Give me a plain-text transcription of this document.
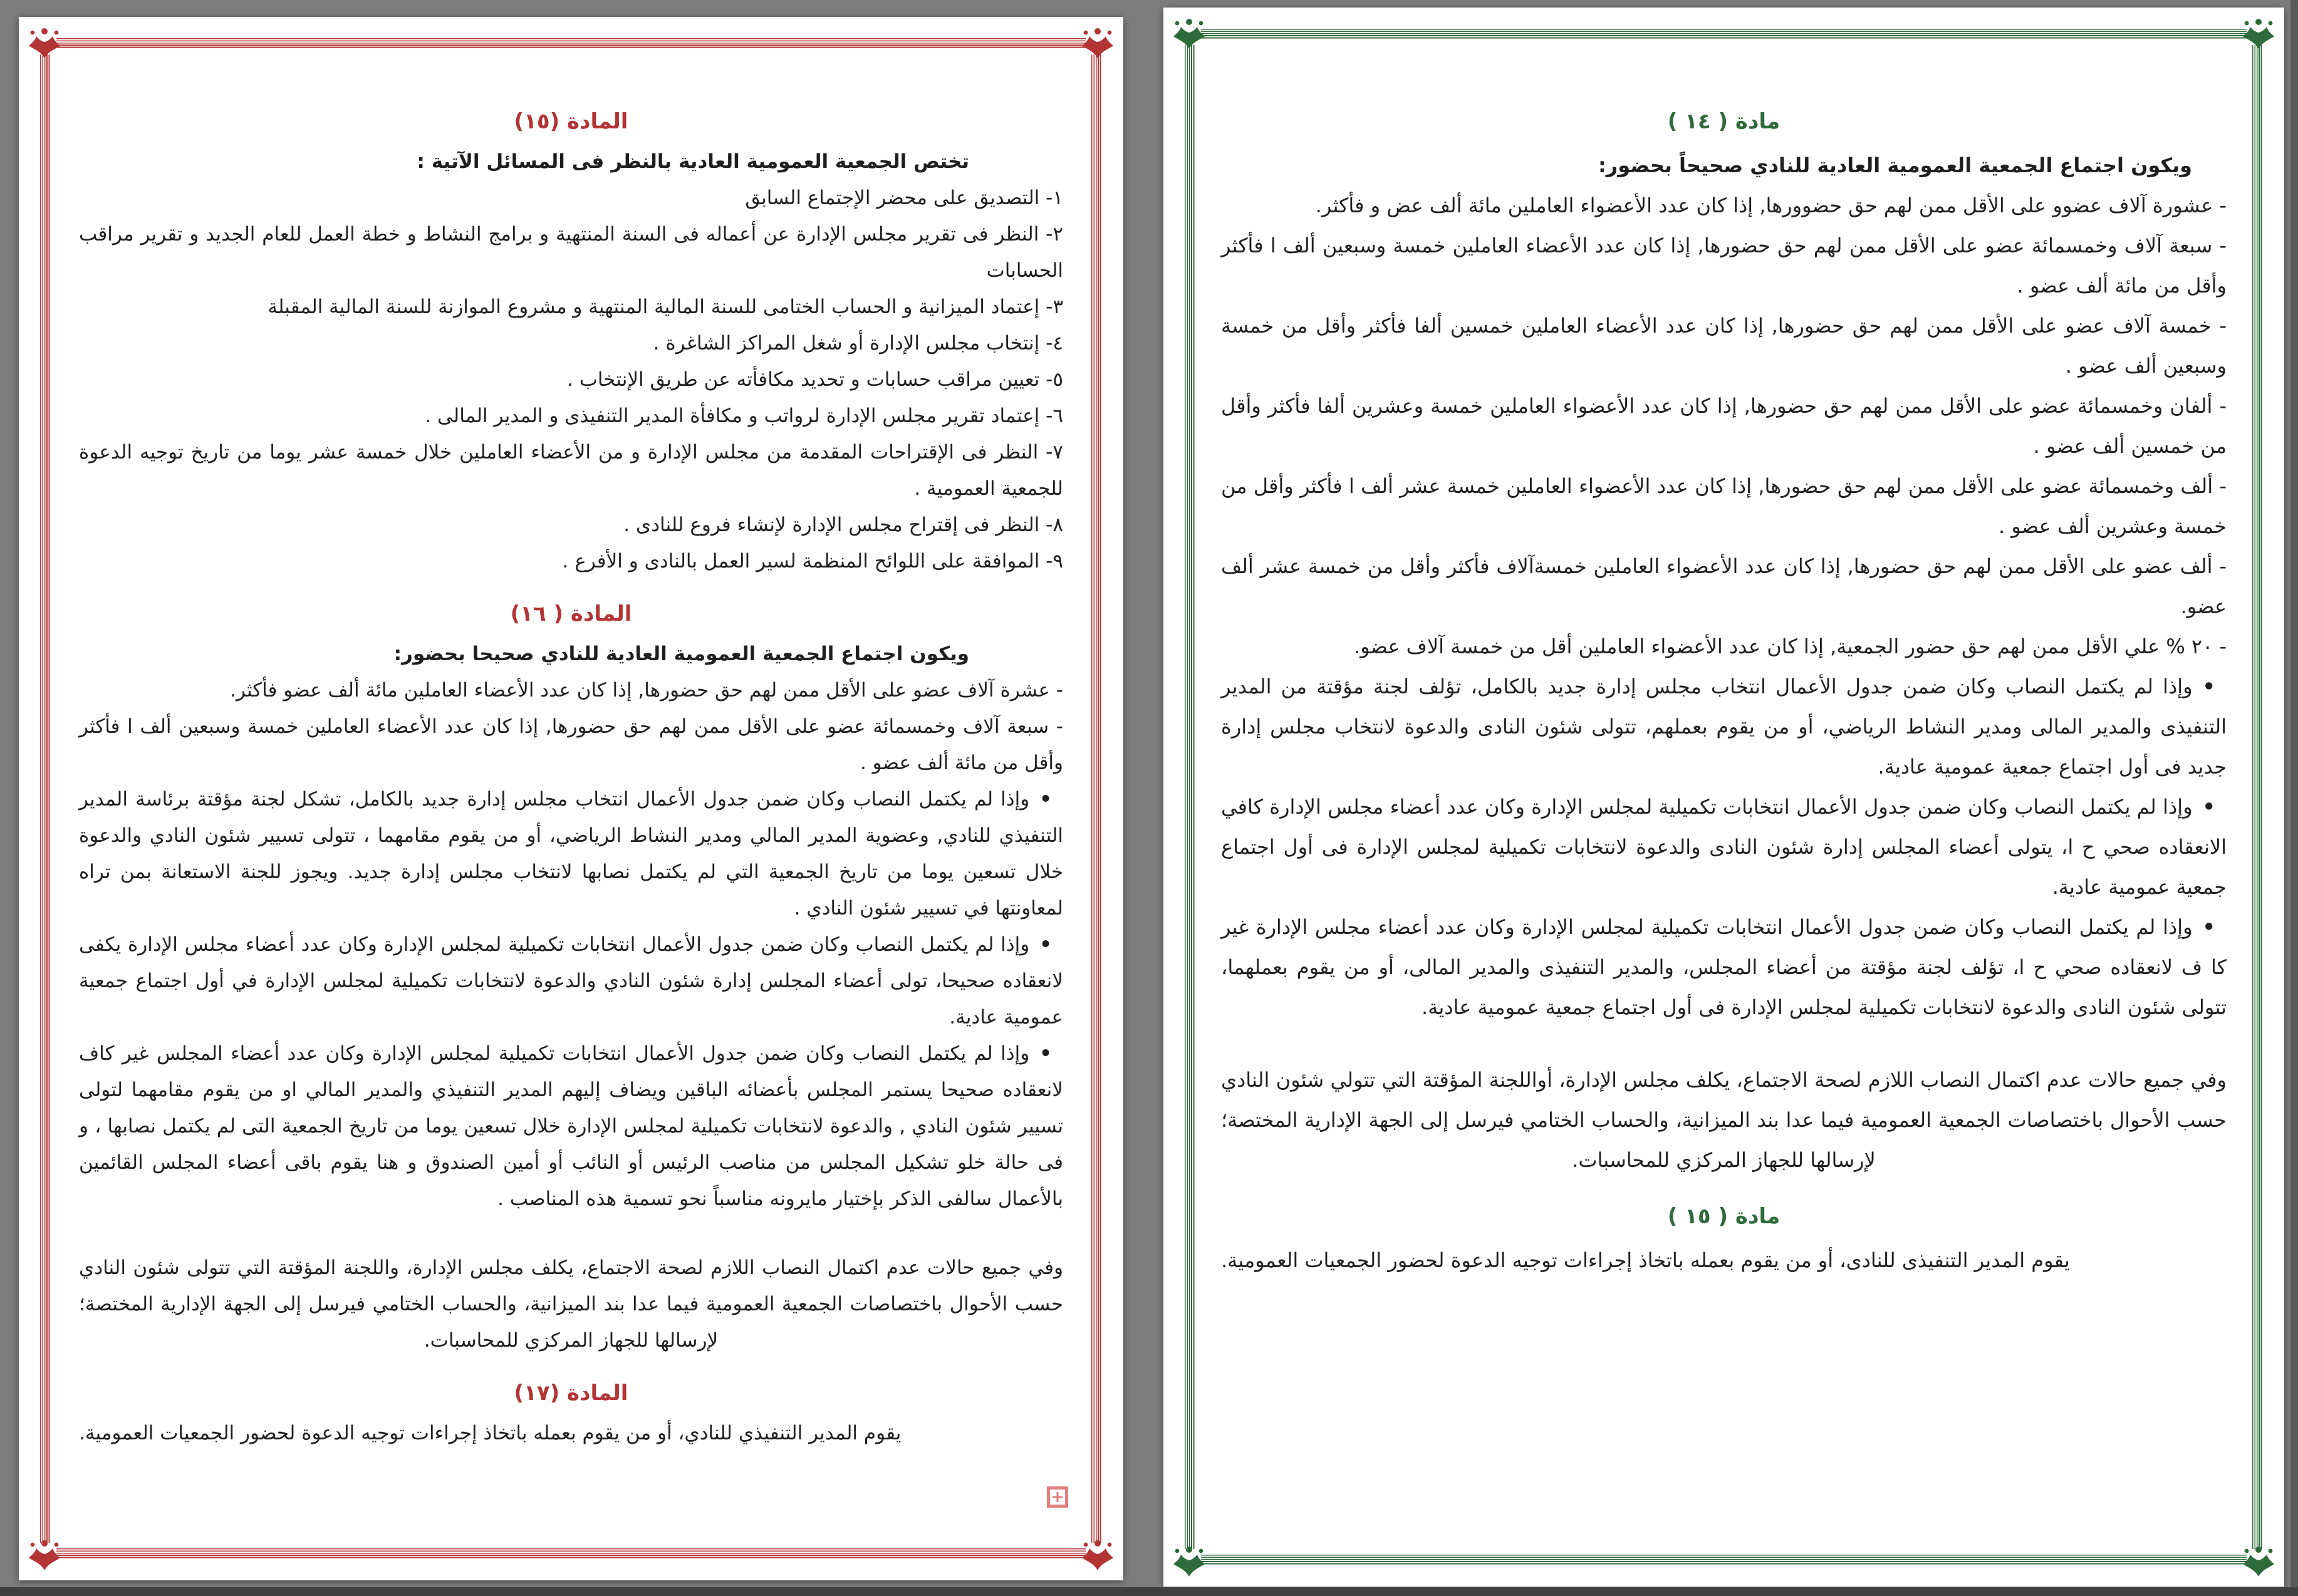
المادة (١٥)

تختص الجمعية العمومية العادية بالنظر فى المسائل الآتية :

١- التصديق على محضر الإجتماع السابق

٢- النظر فى تقرير مجلس الإدارة عن أعماله فى السنة المنتهية و برامج النشاط و خطة العمل للعام الجديد و تقرير مراقب الحسابات

٣- إعتماد الميزانية و الحساب الختامى للسنة المالية المنتهية و مشروع الموازنة للسنة المالية المقبلة

٤- إنتخاب مجلس الإدارة أو شغل المراكز الشاغرة .

٥- تعيين مراقب حسابات و تحديد مكافأته عن طريق الإنتخاب .

٦- إعتماد تقرير مجلس الإدارة لرواتب و مكافأة المدير التنفيذى و المدير المالى .

٧- النظر فى الإقتراحات المقدمة من مجلس الإدارة و من الأعضاء العاملين خلال خمسة عشر يوما من تاريخ توجيه الدعوة للجمعية العمومية .

٨- النظر فى إقتراح مجلس الإدارة لإنشاء فروع للنادى .

٩- الموافقة على اللوائح المنظمة لسير العمل بالنادى و الأفرع .

المادة ( ١٦)

ويكون اجتماع الجمعية العمومية العادية للنادي صحيحا بحضور:

- عشرة آلاف عضو على الأقل ممن لهم حق حضورها, إذا كان عدد الأعضاء العاملين مائة ألف عضو فأكثر.

- سبعة آلاف وخمسمائة عضو على الأقل ممن لهم حق حضورها, إذا كان عدد الأعضاء العاملين خمسة وسبعين ألف ا فأكثر وأقل من مائة ألف عضو .

•وإذا لم يكتمل النصاب وكان ضمن جدول الأعمال انتخاب مجلس إدارة جديد بالكامل، تشكل لجنة مؤقتة برئاسة المدير التنفيذي للنادي, وعضوية المدير المالي ومدير النشاط الرياضي، أو من يقوم مقامهما ، تتولى تسيير شئون النادي والدعوة خلال تسعين يوما من تاريخ الجمعية التي لم يكتمل نصابها لانتخاب مجلس إدارة جديد. ويجوز للجنة الاستعانة بمن تراه لمعاونتها في تسيير شئون النادي .

•وإذا لم يكتمل النصاب وكان ضمن جدول الأعمال انتخابات تكميلية لمجلس الإدارة وكان عدد أعضاء مجلس الإدارة يكفى لانعقاده صحيحا، تولى أعضاء المجلس إدارة شئون النادي والدعوة لانتخابات تكميلية لمجلس الإدارة في أول اجتماع جمعية عمومية عادية.

•وإذا لم يكتمل النصاب وكان ضمن جدول الأعمال انتخابات تكميلية لمجلس الإدارة وكان عدد أعضاء المجلس غير كاف لانعقاده صحيحا يستمر المجلس بأعضائه الباقين ويضاف إليهم المدير التنفيذي والمدير المالي او من يقوم مقامهما لتولى تسيير شئون النادي , والدعوة لانتخابات تكميلية لمجلس الإدارة خلال تسعين يوما من تاريخ الجمعية التى لم يكتمل نصابها ، و فى حالة خلو تشكيل المجلس من مناصب الرئيس أو النائب أو أمين الصندوق و هنا يقوم باقى أعضاء المجلس القائمين بالأعمال سالفى الذكر بإختيار مايرونه مناسباً نحو تسمية هذه المناصب .

وفي جميع حالات عدم اكتمال النصاب اللازم لصحة الاجتماع، يكلف مجلس الإدارة، واللجنة المؤقتة التي تتولى شئون النادي حسب الأحوال باختصاصات الجمعية العمومية فيما عدا بند الميزانية، والحساب الختامي فيرسل إلى الجهة الإدارية المختصة؛ لإرسالها للجهاز المركزي للمحاسبات.

المادة (١٧)

يقوم المدير التنفيذي للنادي، أو من يقوم بعمله باتخاذ إجراءات توجيه الدعوة لحضور الجمعيات العمومية.

+
مادة ( ١٤ )

ويكون اجتماع الجمعية العمومية العادية للنادي صحيحاً بحضور:

- عشورة آلاف عضوو على الأقل ممن لهم حق حضوورها, إذا كان عدد الأعضواء العاملين مائة ألف عض و فأكثر.

- سبعة آلاف وخمسمائة عضو على الأقل ممن لهم حق حضورها, إذا كان عدد الأعضاء العاملين خمسة وسبعين ألف ا فأكثر وأقل من مائة ألف عضو .

- خمسة آلاف عضو على الأقل ممن لهم حق حضورها, إذا كان عدد الأعضاء العاملين خمسين ألفا فأكثر وأقل من خمسة وسبعين ألف عضو .

- ألفان وخمسمائة عضو على الأقل ممن لهم حق حضورها, إذا كان عدد الأعضواء العاملين خمسة وعشرين ألفا فأكثر وأقل من خمسين ألف عضو .

- ألف وخمسمائة عضو على الأقل ممن لهم حق حضورها, إذا كان عدد الأعضواء العاملين خمسة عشر ألف ا فأكثر وأقل من خمسة وعشرين ألف عضو .

- ألف عضو على الأقل ممن لهم حق حضورها, إذا كان عدد الأعضواء العاملين خمسةآلاف فأكثر وأقل من خمسة عشر ألف عضو.

- ٢٠ % علي الأقل ممن لهم حق حضور الجمعية, إذا كان عدد الأعضواء العاملين أقل من خمسة آلاف عضو.

•وإذا لم يكتمل النصاب وكان ضمن جدول الأعمال انتخاب مجلس إدارة جديد بالكامل، تؤلف لجنة مؤقتة من المدير التنفيذى والمدير المالى ومدير النشاط الرياضي، أو من يقوم بعملهم، تتولى شئون النادى والدعوة لانتخاب مجلس إدارة جديد فى أول اجتماع جمعية عمومية عادية.

•وإذا لم يكتمل النصاب وكان ضمن جدول الأعمال انتخابات تكميلية لمجلس الإدارة وكان عدد أعضاء مجلس الإدارة كافي الانعقاده صحي ح ا، يتولى أعضاء المجلس إدارة شئون النادى والدعوة لانتخابات تكميلية لمجلس الإدارة فى أول اجتماع جمعية عمومية عادية.

•وإذا لم يكتمل النصاب وكان ضمن جدول الأعمال انتخابات تكميلية لمجلس الإدارة وكان عدد أعضاء مجلس الإدارة غير كا ف لانعقاده صحي ح ا، تؤلف لجنة مؤقتة من أعضاء المجلس، والمدير التنفيذى والمدير المالى، أو من يقوم بعملهما، تتولى شئون النادى والدعوة لانتخابات تكميلية لمجلس الإدارة فى أول اجتماع جمعية عمومية عادية.

وفي جميع حالات عدم اكتمال النصاب اللازم لصحة الاجتماع، يكلف مجلس الإدارة، أواللجنة المؤقتة التي تتولي شئون النادي حسب الأحوال باختصاصات الجمعية العمومية فيما عدا بند الميزانية، والحساب الختامي فيرسل إلى الجهة الإدارية المختصة؛ لإرسالها للجهاز المركزي للمحاسبات.

مادة ( ١٥ )

يقوم المدير التنفيذى للنادى، أو من يقوم بعمله باتخاذ إجراءات توجيه الدعوة لحضور الجمعيات العمومية.
